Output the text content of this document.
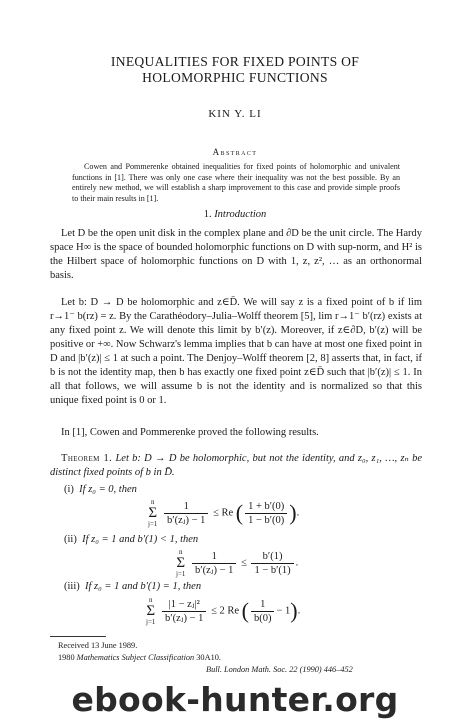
INEQUALITIES FOR FIXED POINTS OF
HOLOMORPHIC FUNCTIONS
KIN Y. LI
Abstract
Cowen and Pommerenke obtained inequalities for fixed points of holomorphic and univalent functions in [1]. There was only one case where their inequality was not the best possible. By an entirely new method, we will establish a sharp improvement to this case and provide simple proofs to their main results in [1].
1. Introduction
Let D be the open unit disk in the complex plane and ∂D be the unit circle. The Hardy space H∞ is the space of bounded holomorphic functions on D with sup-norm, and H² is the Hilbert space of holomorphic functions on D with 1, z, z², … as an orthonormal basis.
Let b: D → D be holomorphic and z∈D̄. We will say z is a fixed point of b if lim r→1⁻ b(rz) = z. By the Carathéodory–Julia–Wolff theorem [5], lim r→1⁻ b′(rz) exists at any fixed point z. We will denote this limit by b′(z). Moreover, if z∈∂D, b′(z) will be positive or +∞. Now Schwarz's lemma implies that b can have at most one fixed point in D and |b′(z)| ≤ 1 at such a point. The Denjoy–Wolff theorem [2, 8] asserts that, in fact, if b is not the identity map, then b has exactly one fixed point z∈D̄ such that |b′(z)| ≤ 1. In all that follows, we will assume b is not the identity and is normalized so that this unique fixed point is 0 or 1.
In [1], Cowen and Pommerenke proved the following results.
Theorem 1. Let b: D → D be holomorphic, but not the identity, and z₀, z₁, …, zₙ be distinct fixed points of b in D̄.
(i) If z₀ = 0, then
n
Σ
$j=1 \frac{1}{\text{b′(zⱼ) − 1}} \le Re$ ( $\frac{1 + b'(0)}{1 - b'(0)}$ ).
(ii) If z₀ = 1 and b′(1) < 1, then
n
Σ
$j=1 \frac{1}{\text{b′(zⱼ) − 1}} \le \frac{b'(1)}{1 - b'(1)}$ .
(iii) If z₀ = 1 and b′(1) = 1, then
n
Σ
$j=1 \frac{\text{|1 − zⱼ|²}}{\text{b′(zⱼ) − 1}} \le 2$ Re ( $\frac{1}{b(0)} - 1$).
Received 13 June 1989.
1980 Mathematics Subject Classification 30A10.
Bull. London Math. Soc. 22 (1990) 446–452
ebook-hunter.org
